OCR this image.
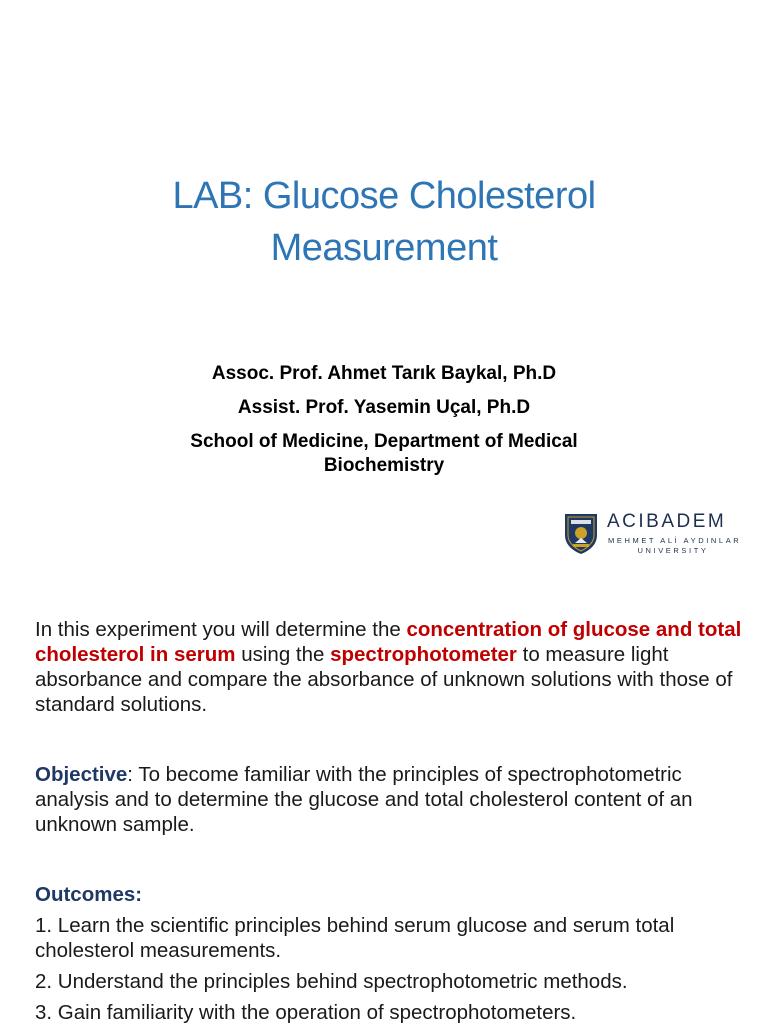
LAB: Glucose Cholesterol
Measurement
Assoc. Prof. Ahmet Tarık Baykal, Ph.D
Assist. Prof. Yasemin Uçal, Ph.D
School of Medicine, Department of Medical
Biochemistry
ACIBADEM
MEHMET ALİ AYDINLAR
UNIVERSITY

In this experiment you will determine the concentration of glucose and total cholesterol in serum using the spectrophotometer to measure light absorbance and compare the absorbance of unknown solutions with those of standard solutions.

Objective: To become familiar with the principles of spectrophotometric analysis and to determine the glucose and total cholesterol content of an unknown sample.

Outcomes:

1. Learn the scientific principles behind serum glucose and serum total cholesterol measurements.

2. Understand the principles behind spectrophotometric methods.

3. Gain familiarity with the operation of spectrophotometers.
